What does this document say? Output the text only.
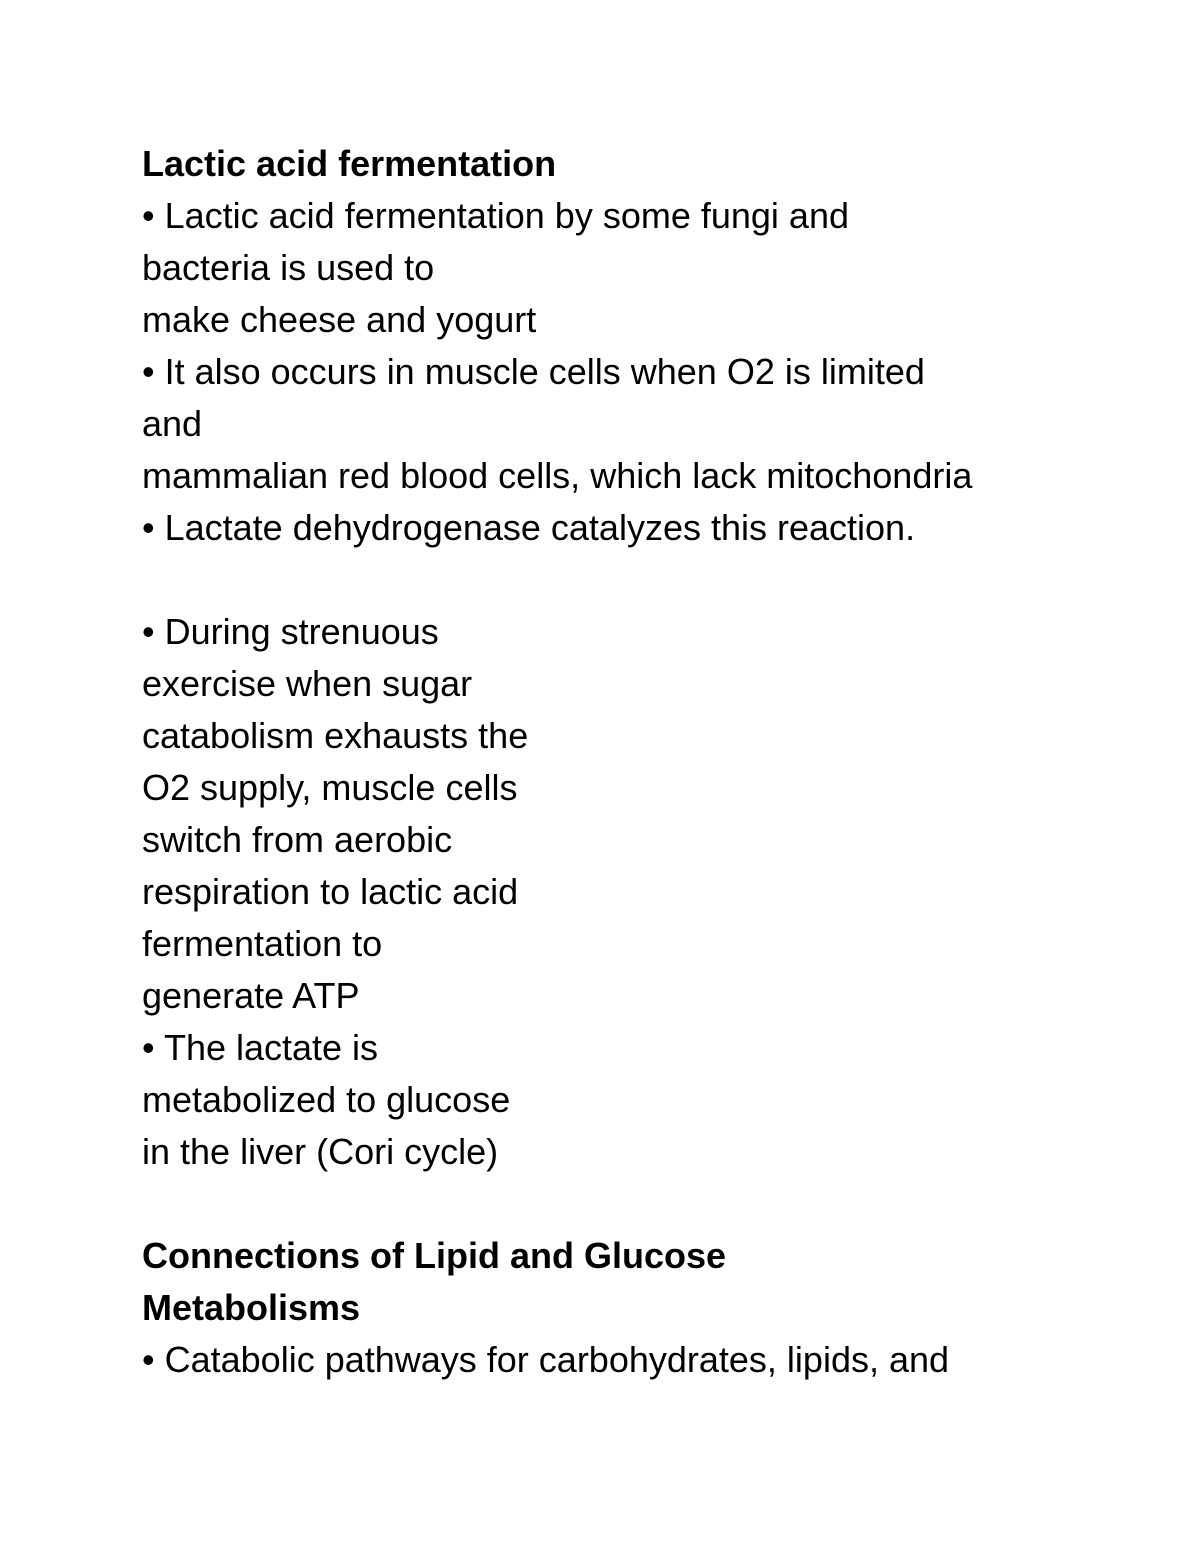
Lactic acid fermentation
• Lactic acid fermentation by some fungi and
bacteria is used to
make cheese and yogurt
• It also occurs in muscle cells when O2 is limited
and
mammalian red blood cells, which lack mitochondria
• Lactate dehydrogenase catalyzes this reaction.
• During strenuous
exercise when sugar
catabolism exhausts the
O2 supply, muscle cells
switch from aerobic
respiration to lactic acid
fermentation to
generate ATP
• The lactate is
metabolized to glucose
in the liver (Cori cycle)
Connections of Lipid and Glucose
Metabolisms
• Catabolic pathways for carbohydrates, lipids, and
